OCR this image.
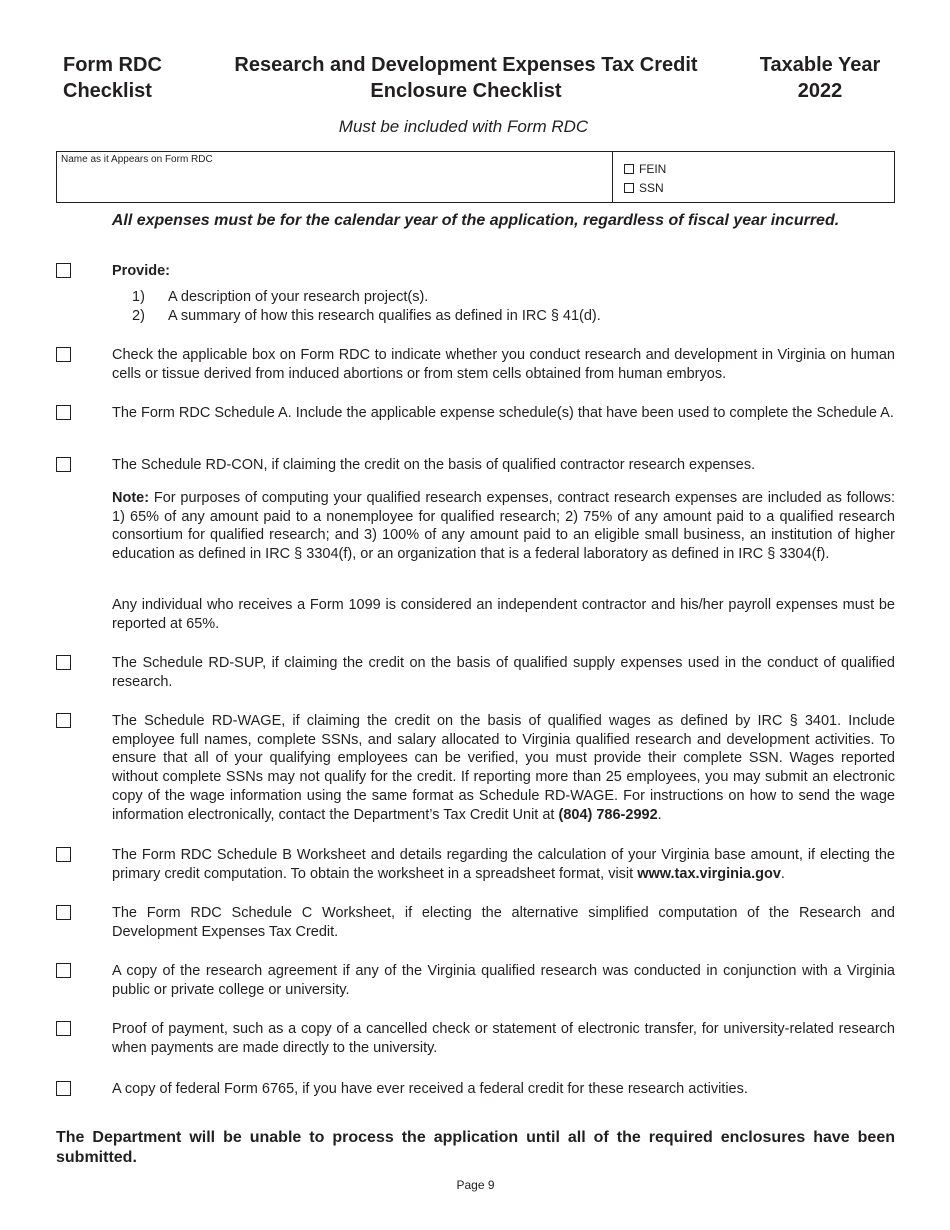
Form RDC
Checklist
Research and Development Expenses Tax Credit
Enclosure Checklist
Taxable Year
2022
Must be included with Form RDC
Name as it Appears on Form RDC
FEIN
SSN
All expenses must be for the calendar year of the application, regardless of fiscal year incurred.
Provide:
1)	A description of your research project(s).
2)	A summary of how this research qualifies as defined in IRC § 41(d).
Check the applicable box on Form RDC to indicate whether you conduct research and development in Virginia on human cells or tissue derived from induced abortions or from stem cells obtained from human embryos.
The Form RDC Schedule A. Include the applicable expense schedule(s) that have been used to complete the Schedule A.
The Schedule RD-CON, if claiming the credit on the basis of qualified contractor research expenses.
Note: For purposes of computing your qualified research expenses, contract research expenses are included as follows: 1) 65% of any amount paid to a nonemployee for qualified research; 2) 75% of any amount paid to a qualified research consortium for qualified research; and 3) 100% of any amount paid to an eligible small business, an institution of higher education as defined in IRC § 3304(f), or an organization that is a federal laboratory as defined in IRC § 3304(f).
Any individual who receives a Form 1099 is considered an independent contractor and his/her payroll expenses must be reported at 65%.
The Schedule RD-SUP, if claiming the credit on the basis of qualified supply expenses used in the conduct of qualified research.
The Schedule RD-WAGE, if claiming the credit on the basis of qualified wages as defined by IRC § 3401. Include employee full names, complete SSNs, and salary allocated to Virginia qualified research and development activities. To ensure that all of your qualifying employees can be verified, you must provide their complete SSN. Wages reported without complete SSNs may not qualify for the credit. If reporting more than 25 employees, you may submit an electronic copy of the wage information using the same format as Schedule RD-WAGE. For instructions on how to send the wage information electronically, contact the Department’s Tax Credit Unit at (804) 786-2992.
The Form RDC Schedule B Worksheet and details regarding the calculation of your Virginia base amount, if electing the primary credit computation. To obtain the worksheet in a spreadsheet format, visit www.tax.virginia.gov.
The Form RDC Schedule C Worksheet, if electing the alternative simplified computation of the Research and Development Expenses Tax Credit.
A copy of the research agreement if any of the Virginia qualified research was conducted in conjunction with a Virginia public or private college or university.
Proof of payment, such as a copy of a cancelled check or statement of electronic transfer, for university-related research when payments are made directly to the university.
A copy of federal Form 6765, if you have ever received a federal credit for these research activities.
The Department will be unable to process the application until all of the required enclosures have been submitted.
Page 9
